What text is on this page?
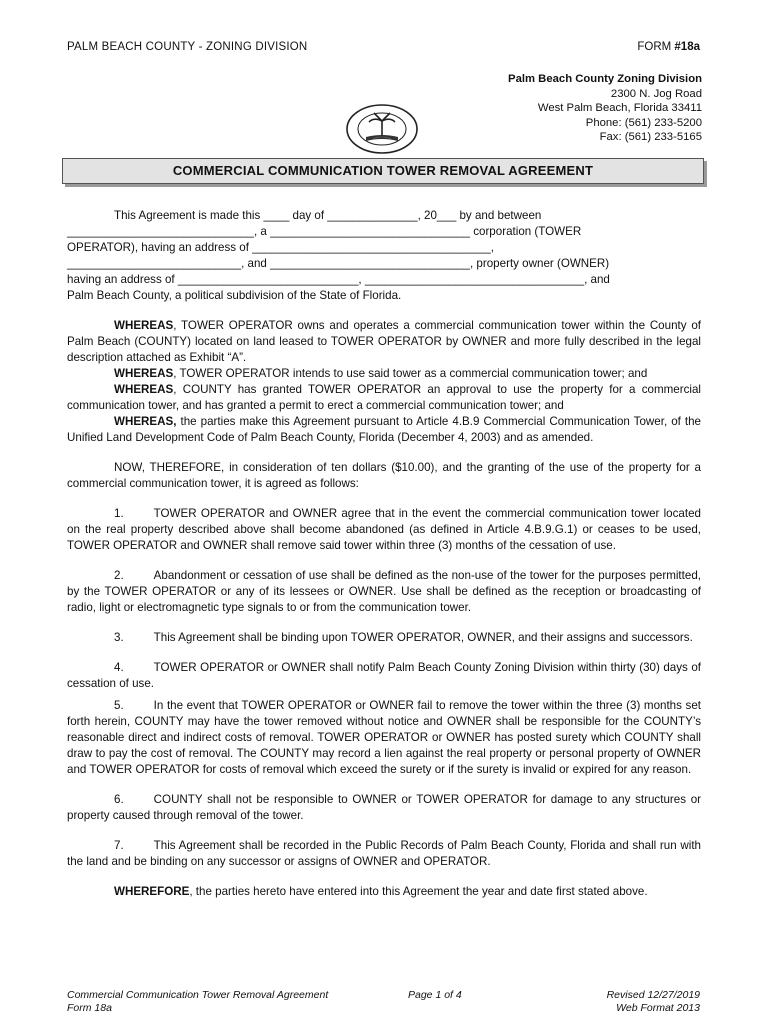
PALM BEACH COUNTY - ZONING DIVISION	FORM #18a
Palm Beach County Zoning Division
2300 N. Jog Road
West Palm Beach, Florida 33411
Phone: (561) 233-5200
Fax: (561) 233-5165
COMMERCIAL COMMUNICATION TOWER REMOVAL AGREEMENT
This Agreement is made this ____ day of ______________, 20___ by and between
_____________________________, a _______________________________ corporation (TOWER
OPERATOR), having an address of _____________________________________,
___________________________, and _______________________________, property owner (OWNER)
having an address of ____________________________, __________________________________, and
Palm Beach County, a political subdivision of the State of Florida.

WHEREAS, TOWER OPERATOR owns and operates a commercial communication tower within the County of Palm Beach (COUNTY) located on land leased to TOWER OPERATOR by OWNER and more fully described in the legal description attached as Exhibit “A”.

WHEREAS, TOWER OPERATOR intends to use said tower as a commercial communication tower; and

WHEREAS, COUNTY has granted TOWER OPERATOR an approval to use the property for a commercial communication tower, and has granted a permit to erect a commercial communication tower; and

WHEREAS, the parties make this Agreement pursuant to Article 4.B.9 Commercial Communication Tower, of the Unified Land Development Code of Palm Beach County, Florida (December 4, 2003) and as amended.

NOW, THEREFORE, in consideration of ten dollars ($10.00), and the granting of the use of the property for a commercial communication tower, it is agreed as follows:

1.	TOWER OPERATOR and OWNER agree that in the event the commercial communication tower located on the real property described above shall become abandoned (as defined in Article 4.B.9.G.1) or ceases to be used, TOWER OPERATOR and OWNER shall remove said tower within three (3) months of the cessation of use.

2.	Abandonment or cessation of use shall be defined as the non-use of the tower for the purposes permitted, by the TOWER OPERATOR or any of its lessees or OWNER. Use shall be defined as the reception or broadcasting of radio, light or electromagnetic type signals to or from the communication tower.

3.	This Agreement shall be binding upon TOWER OPERATOR, OWNER, and their assigns and successors.

4.	TOWER OPERATOR or OWNER shall notify Palm Beach County Zoning Division within thirty (30) days of cessation of use.

5.	In the event that TOWER OPERATOR or OWNER fail to remove the tower within the three (3) months set forth herein, COUNTY may have the tower removed without notice and OWNER shall be responsible for the COUNTY’s reasonable direct and indirect costs of removal. TOWER OPERATOR or OWNER has posted surety which COUNTY shall draw to pay the cost of removal. The COUNTY may record a lien against the real property or personal property of OWNER and TOWER OPERATOR for costs of removal which exceed the surety or if the surety is invalid or expired for any reason.

6.	COUNTY shall not be responsible to OWNER or TOWER OPERATOR for damage to any structures or property caused through removal of the tower.

7.	This Agreement shall be recorded in the Public Records of Palm Beach County, Florida and shall run with the land and be binding on any successor or assigns of OWNER and OPERATOR.

WHEREFORE, the parties hereto have entered into this Agreement the year and date first stated above.

Commercial Communication Tower Removal Agreement
Form 18a
Page 1 of 4	Revised 12/27/2019
Web Format 2013
